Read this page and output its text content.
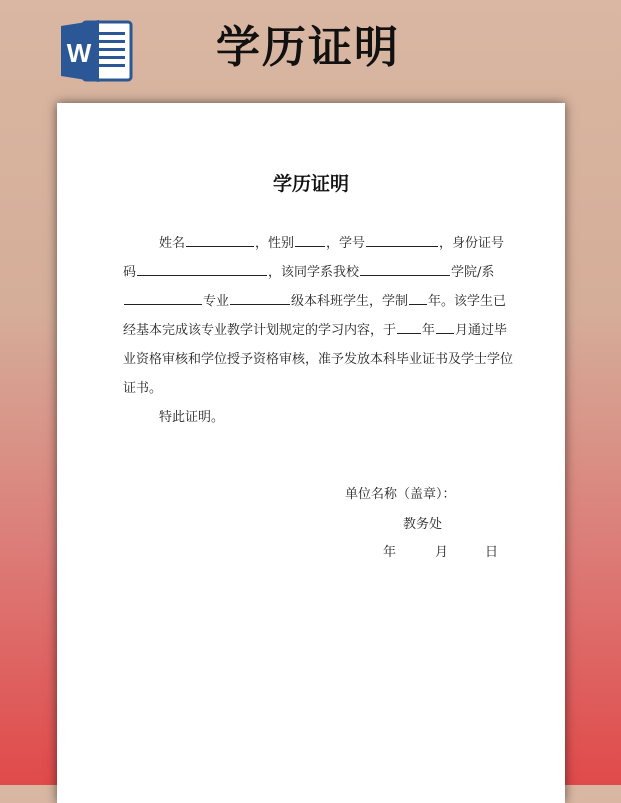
W	学历证明
学历证明
姓名	，性别 ，学号	，身份证号
码	，该同学系我校	学院/系
专业	级本科班学生，学制 年。该学生已
经基本完成该专业教学计划规定的学习内容，于 年 月通过毕
业资格审核和学位授予资格审核，准予发放本科毕业证书及学士学位
证书。
特此证明。
单位名称（盖章）：
教务处
年	月	日
